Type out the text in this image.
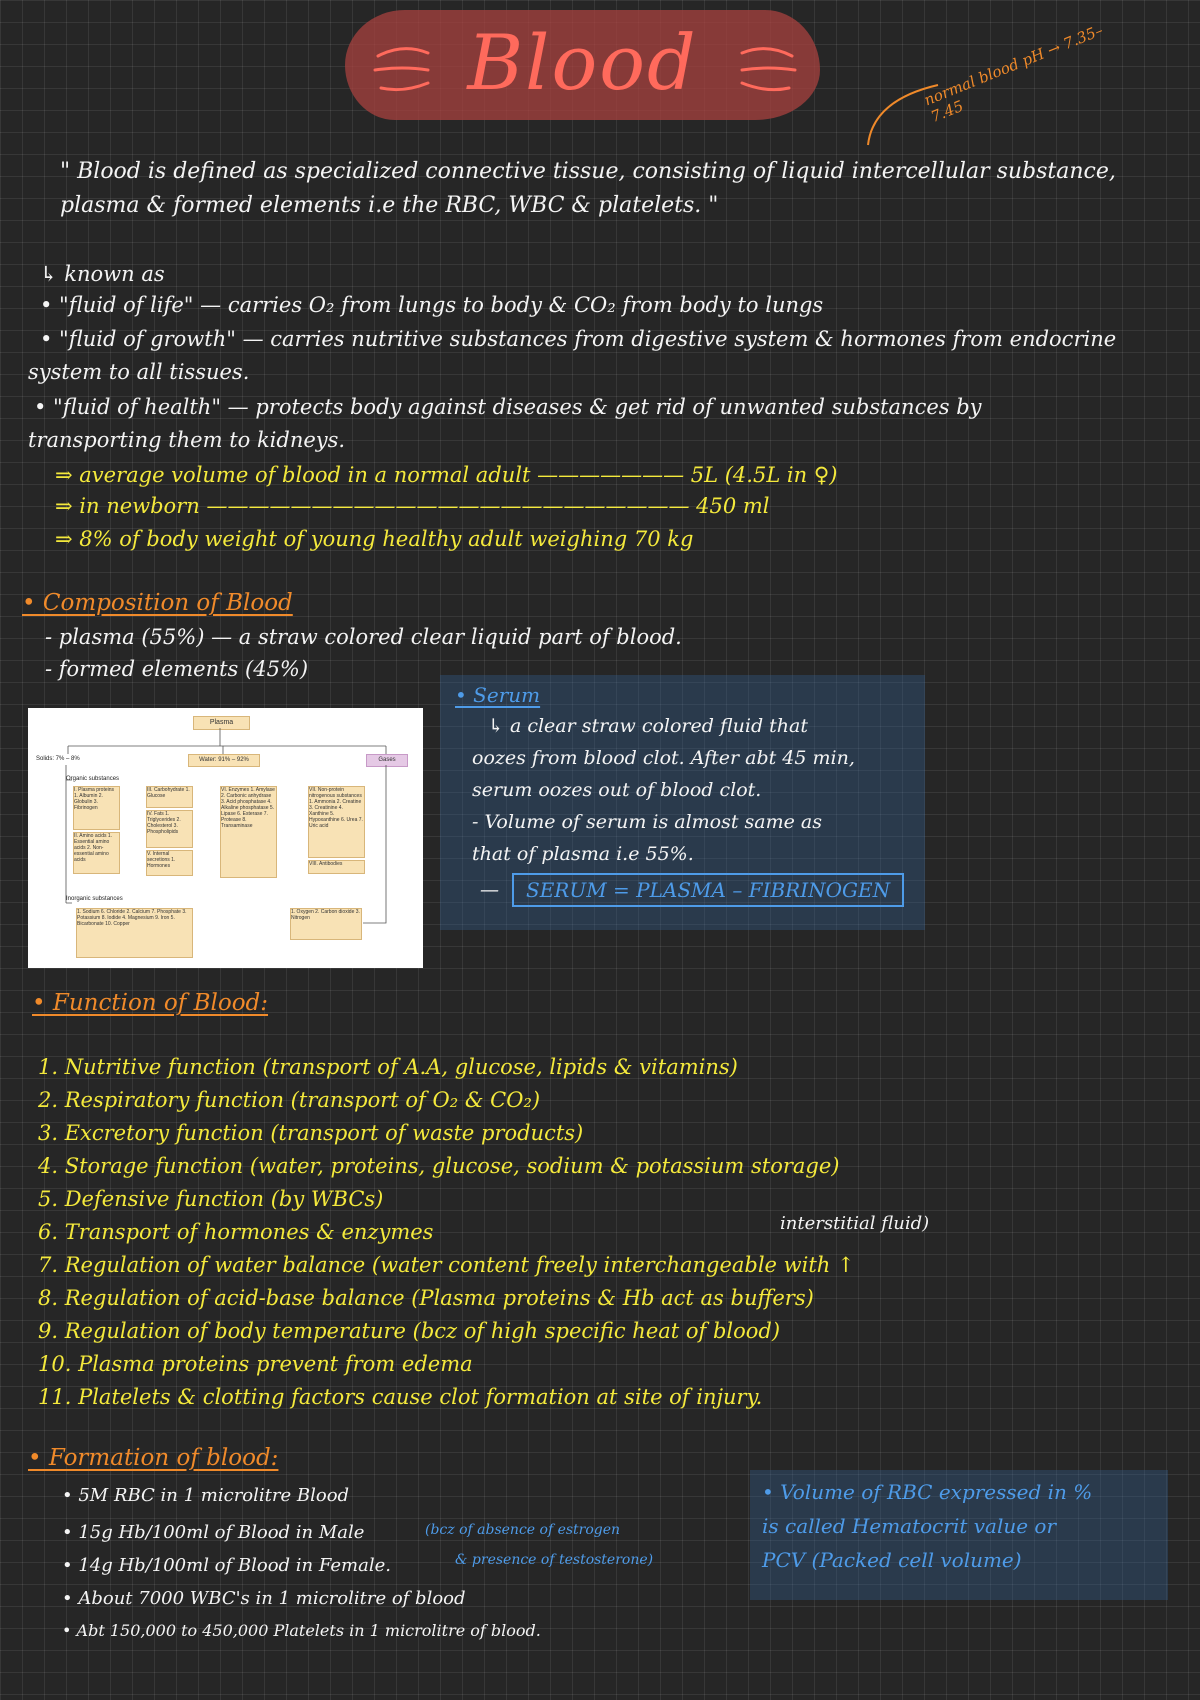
Blood	normal blood pH → 7.35–7.45
" Blood is defined as specialized connective tissue, consisting of liquid intercellular substance, plasma & formed elements i.e the RBC, WBC & platelets. "
↳ known as
• "fluid of life" — carries O₂ from lungs to body & CO₂ from body to lungs
• "fluid of growth" — carries nutritive substances from digestive system & hormones from endocrine
system to all tissues.
• "fluid of health" — protects body against diseases & get rid of unwanted substances by
transporting them to kidneys.
⇒ average volume of blood in a normal adult ——————— 5L (4.5L in ♀)
⇒ in newborn ——————————————————————— 450 ml
⇒ 8% of body weight of young healthy adult weighing 70 kg
• Composition of Blood
- plasma (55%) — a straw colored clear liquid part of blood.
- formed elements (45%)
Plasma
Solids: 7% – 8%	Water: 91% – 92%	Gases
Organic substances
I. Plasma proteins 1. Albumin 2. Globulin 3. Fibrinogen
II. Amino acids 1. Essential amino acids 2. Non-essential amino acids
III. Carbohydrate 1. Glucose
IV. Fats 1. Triglycerides 2. Cholesterol 3. Phospholipids
V. Internal secretions 1. Hormones
VI. Enzymes 1. Amylase 2. Carbonic anhydrase 3. Acid phosphatase 4. Alkaline phosphatase 5. Lipase 6. Esterase 7. Protease 8. Transaminase
VII. Non-protein nitrogenous substances 1. Ammonia 2. Creatine 3. Creatinine 4. Xanthine 5. Hypoxanthine 6. Urea 7. Uric acid
VIII. Antibodies
Inorganic substances
1. Sodium 6. Chloride 2. Calcium 7. Phosphate 3. Potassium 8. Iodide 4. Magnesium 9. Iron 5. Bicarbonate 10. Copper
1. Oxygen 2. Carbon dioxide 3. Nitrogen
• Serum
↳ a clear straw colored fluid that
oozes from blood clot. After abt 45 min,
serum oozes out of blood clot.
- Volume of serum is almost same as
that of plasma i.e 55%.
—	SERUM = PLASMA – FIBRINOGEN
• Function of Blood:
1. Nutritive function (transport of A.A, glucose, lipids & vitamins)
2. Respiratory function (transport of O₂ & CO₂)
3. Excretory function (transport of waste products)
4. Storage function (water, proteins, glucose, sodium & potassium storage)
5. Defensive function (by WBCs)
6. Transport of hormones & enzymes	interstitial fluid)
7. Regulation of water balance (water content freely interchangeable with ↑
8. Regulation of acid-base balance (Plasma proteins & Hb act as buffers)
9. Regulation of body temperature (bcz of high specific heat of blood)
10. Plasma proteins prevent from edema
11. Platelets & clotting factors cause clot formation at site of injury.
• Formation of blood:
• 5M RBC in 1 microlitre Blood
• 15g Hb/100ml of Blood in Male	(bcz of absence of estrogen
• 14g Hb/100ml of Blood in Female.	& presence of testosterone)
• About 7000 WBC's in 1 microlitre of blood
• Abt 150,000 to 450,000 Platelets in 1 microlitre of blood.
• Volume of RBC expressed in %
is called Hematocrit value or
PCV (Packed cell volume)
